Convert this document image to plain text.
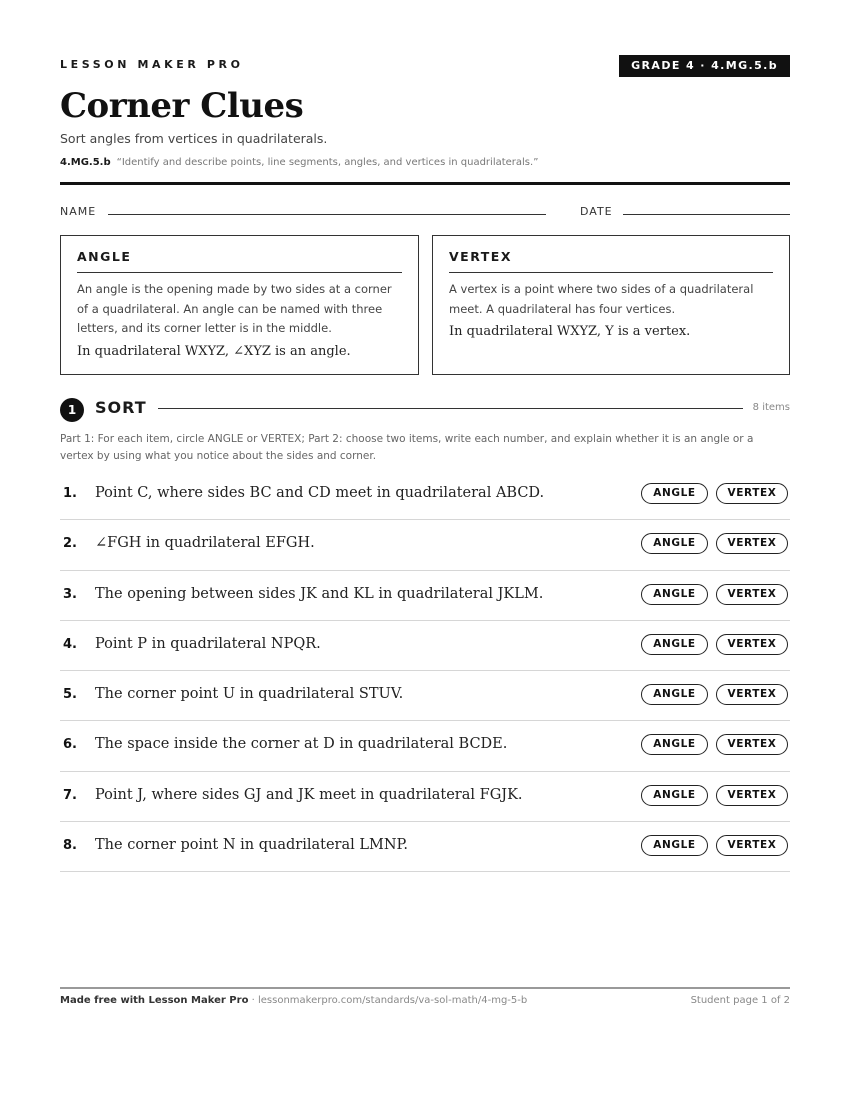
LESSON MAKER PRO	GRADE 4 · 4.MG.5.b
Corner Clues
Sort angles from vertices in quadrilaterals.
4.MG.5.b “Identify and describe points, line segments, angles, and vertices in quadrilaterals.”
NAME	DATE
ANGLE
An angle is the opening made by two sides at a corner of a quadrilateral. An angle can be named with three letters, and its corner letter is in the middle.
In quadrilateral WXYZ, ∠XYZ is an angle.
VERTEX
A vertex is a point where two sides of a quadrilateral meet. A quadrilateral has four vertices.
In quadrilateral WXYZ, Y is a vertex.
1	SORT	8 items
Part 1: For each item, circle ANGLE or VERTEX; Part 2: choose two items, write each number, and explain whether it is an angle or a vertex by using what you notice about the sides and corner.
1. Point C, where sides BC and CD meet in quadrilateral ABCD.	ANGLE	VERTEX
2. ∠FGH in quadrilateral EFGH.	ANGLE	VERTEX
3. The opening between sides JK and KL in quadrilateral JKLM.	ANGLE	VERTEX
4. Point P in quadrilateral NPQR.	ANGLE	VERTEX
5. The corner point U in quadrilateral STUV.	ANGLE	VERTEX
6. The space inside the corner at D in quadrilateral BCDE.	ANGLE	VERTEX
7. Point J, where sides GJ and JK meet in quadrilateral FGJK.	ANGLE	VERTEX
8. The corner point N in quadrilateral LMNP.	ANGLE	VERTEX
Made free with Lesson Maker Pro · lessonmakerpro.com/standards/va-sol-math/4-mg-5-b	Student page 1 of 2
